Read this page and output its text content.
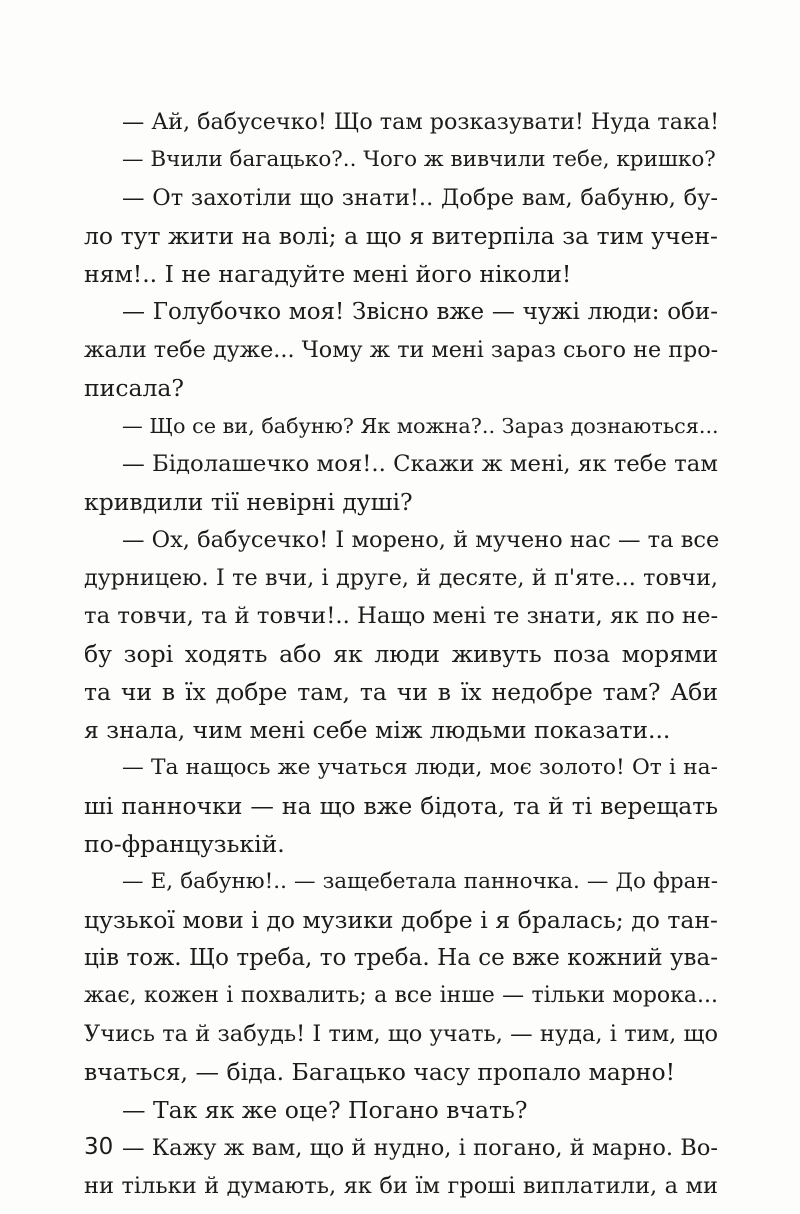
— Ай, бабусечко! Що там розказувати! Нуда така!
— Вчили багацько?.. Чого ж вивчили тебе, кришко?
— От захотіли що знати!.. Добре вам, бабуню, бу-
ло тут жити на волі; а що я витерпіла за тим учен-
ням!.. І не нагадуйте мені його ніколи!
— Голубочко моя! Звісно вже — чужі люди: оби-
жали тебе дуже... Чому ж ти мені зараз сього не про-
писала?
— Що се ви, бабуню? Як можна?.. Зараз дознаються...
— Бідолашечко моя!.. Скажи ж мені, як тебе там
кривдили тії невірні душі?
— Ох, бабусечко! І морено, й мучено нас — та все
дурницею. І те вчи, і друге, й десяте, й п'яте... товчи,
та товчи, та й товчи!.. Нащо мені те знати, як по не-
бу зорі ходять або як люди живуть поза морями
та чи в їх добре там, та чи в їх недобре там? Аби
я знала, чим мені себе між людьми показати...
— Та нащось же учаться люди, моє золото! От і на-
ші панночки — на що вже бідота, та й ті верещать
по-французькій.
— Е, бабуню!.. — защебетала панночка. — До фран-
цузької мови і до музики добре і я бралась; до тан-
ців тож. Що треба, то треба. На се вже кожний ува-
жає, кожен і похвалить; а все інше — тільки морока...
Учись та й забудь! І тим, що учать, — нуда, і тим, що
вчаться, — біда. Багацько часу пропало марно!
— Так як же оце? Погано вчать?
— Кажу ж вам, що й нудно, і погано, й марно. Во-
ни тільки й думають, як би їм гроші виплатили, а ми
30
